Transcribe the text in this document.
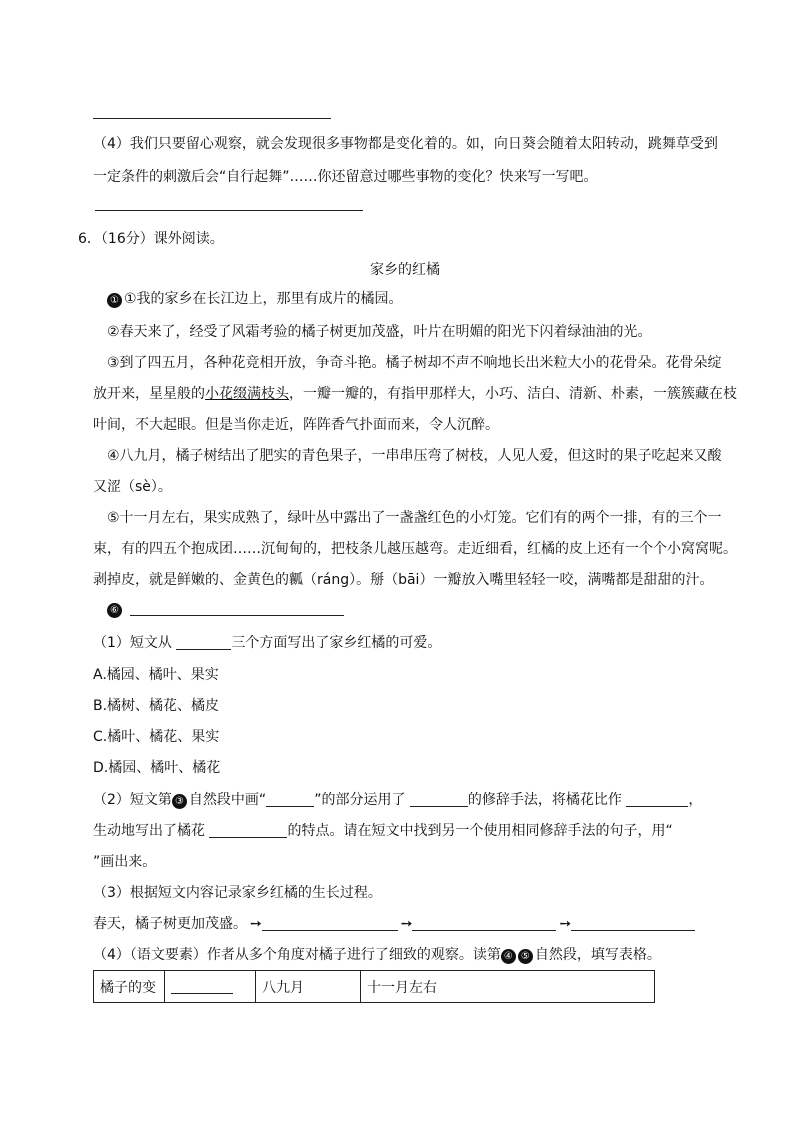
（4）我们只要留心观察，就会发现很多事物都是变化着的。如，向日葵会随着太阳转动，跳舞草受到
一定条件的刺激后会“自行起舞”……你还留意过哪些事物的变化？快来写一写吧。
6．（16分）课外阅读。
家乡的红橘
① ①我的家乡在长江边上，那里有成片的橘园。
②春天来了，经受了风霜考验的橘子树更加茂盛，叶片在明媚的阳光下闪着绿油油的光。
③到了四五月，各种花竞相开放，争奇斗艳。橘子树却不声不响地长出米粒大小的花骨朵。花骨朵绽
放开来，星星般的小花缀满枝头，一瓣一瓣的，有指甲那样大，小巧、洁白、清新、朴素，一簇簇藏在枝
叶间，不大起眼。但是当你走近，阵阵香气扑面而来，令人沉醉。
④八九月，橘子树结出了肥实的青色果子，一串串压弯了树枝，人见人爱，但这时的果子吃起来又酸
又涩（sè）。
⑤十一月左右，果实成熟了，绿叶丛中露出了一盏盏红色的小灯笼。它们有的两个一排，有的三个一
束，有的四五个抱成团……沉甸甸的，把枝条儿越压越弯。走近细看，红橘的皮上还有一个个小窝窝呢。
剥掉皮，就是鲜嫩的、金黄色的瓤（ráng）。掰（bāi）一瓣放入嘴里轻轻一咬，满嘴都是甜甜的汁。
⑥
（1）短文从	三个方面写出了家乡红橘的可爱。
A.橘园、橘叶、果实
B.橘树、橘花、橘皮
C.橘叶、橘花、果实
D.橘园、橘叶、橘花
（2）短文第 ③ 自然段中画“	”的部分运用了	的修辞手法，将橘花比作	，
生动地写出了橘花	的特点。请在短文中找到另一个使用相同修辞手法的句子，用“
”画出来。
（3）根据短文内容记录家乡红橘的生长过程。
春天，橘子树更加茂盛。 ➙	➙	➙
（4）（语文要素）作者从多个角度对橘子进行了细致的观察。读第 ④ ⑤ 自然段，填写表格。
橘子的变		八九月	十一月左右
